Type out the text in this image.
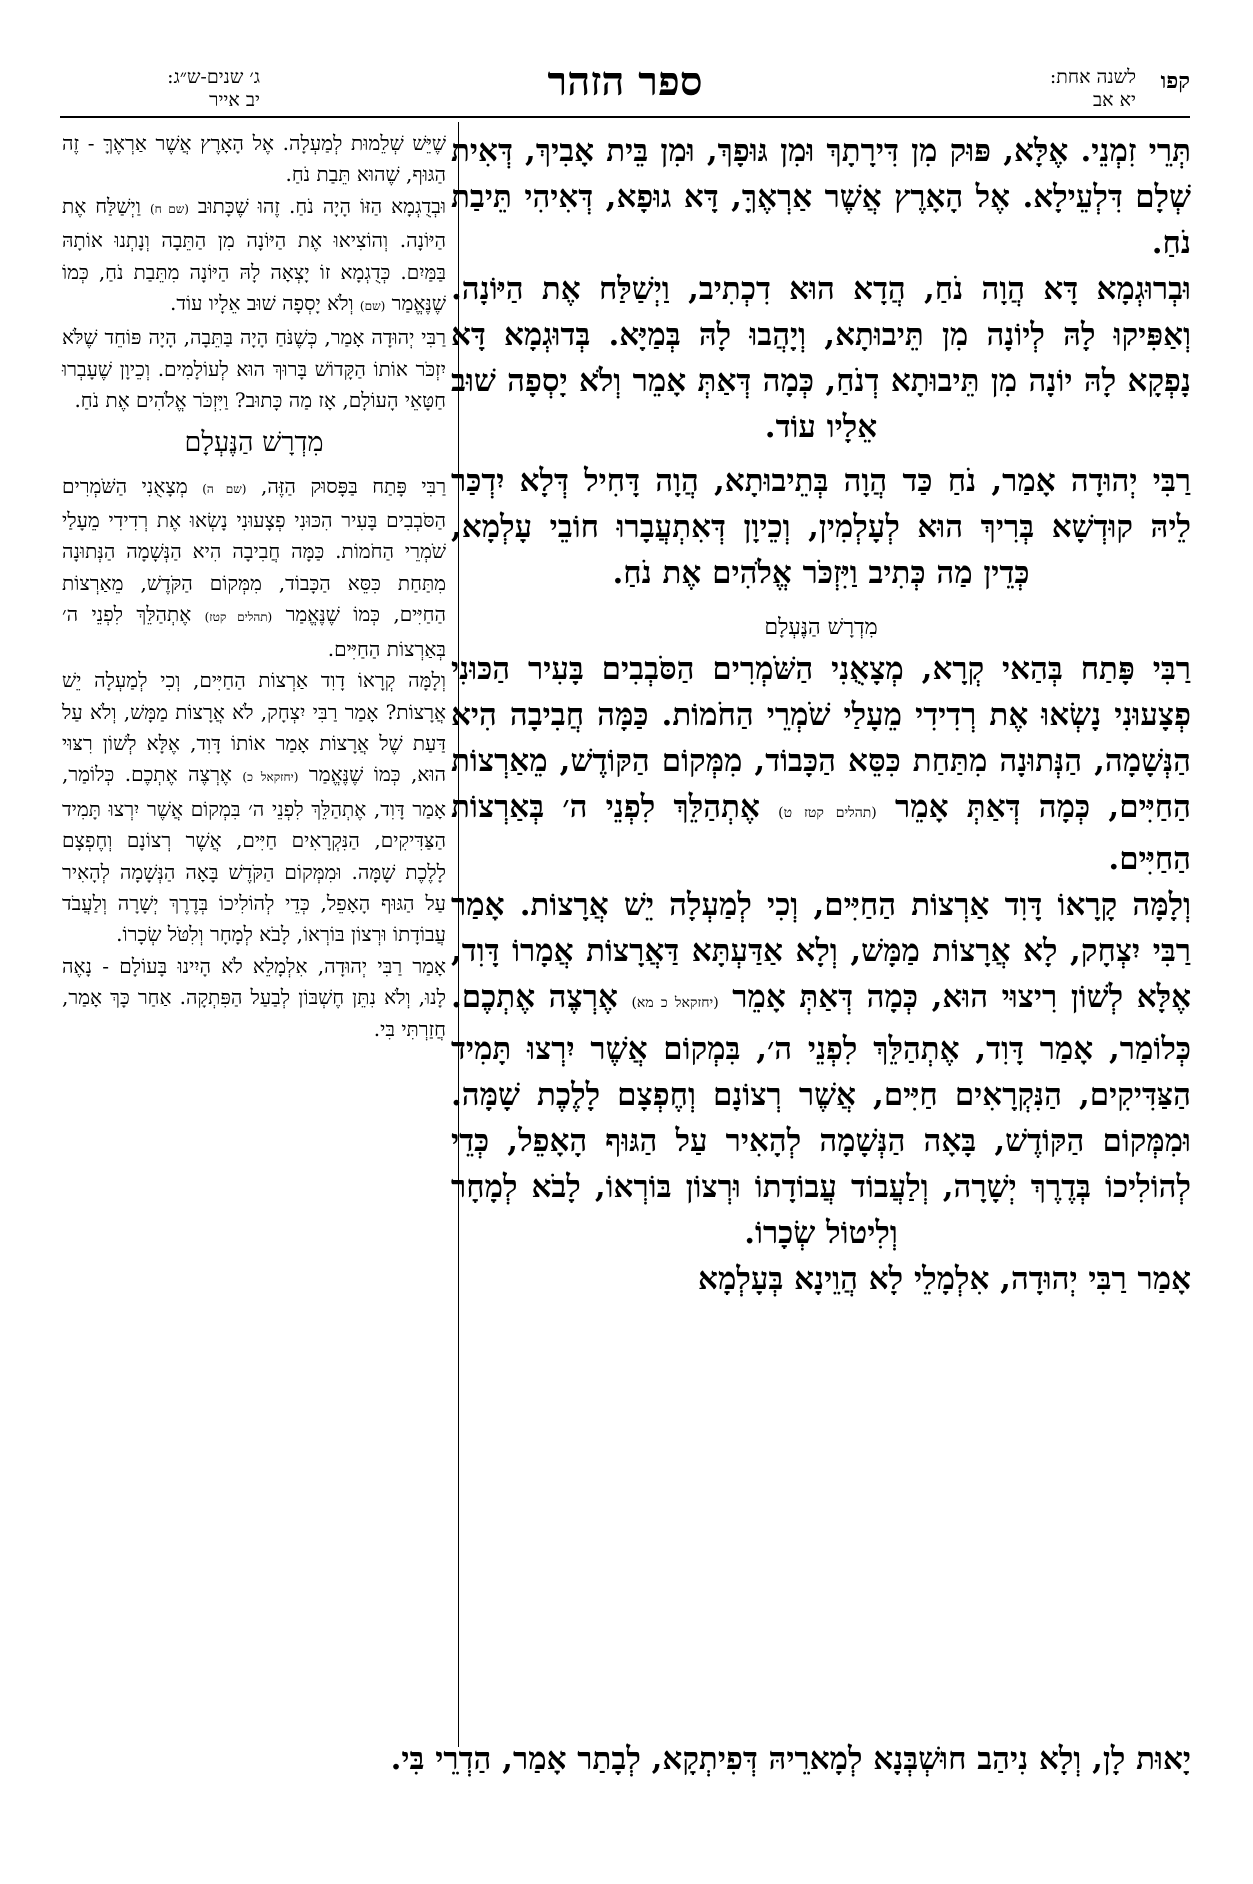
קפו
לשנה אחת:
יא אב
ספר הזהר
ג׳ שנים-ש״ג:
יב אייר

תְּרֵי זִמְנֵי. אֶלָּא, פּוּק מִן דִּירָתָךְ וּמִן גּוּפָךְ, וּמִן בֵּית אָבִיךְ, דְּאִית שְׁלָם דִּלְעֵילָא. אֶל הָאָרֶץ אֲשֶׁר אַרְאֶךָּ, דָּא גוּפָא, דְּאִיהִי תֵּיבַת נֹחַ.

וּבְרוּגְמָא דָּא הֲוָה נֹחַ, הֲדָא הוּא דִכְתִיב, וַיְשַׁלַּח אֶת הַיּוֹנָה. וְאַפִּיקוּ לָהּ לְיוֹנָה מִן תֵּיבוּתָא, וְיָהֲבוּ לָהּ בְּמַיָּא. בְּדוּגְמָא דָּא נָפְקָא לָהּ יוֹנָה מִן תֵּיבוּתָא דְנֹחַ, כְּמָה דְּאַתְּ אָמֵר וְלֹא יָסְפָה שׁוּב אֵלָיו עוֹד.

רַבִּי יְהוּדָה אָמַר, נֹחַ כַּד הֲוָה בְּתֵיבוּתָא, הֲוָה דָּחִיל דְּלָא יִדְכַּר לֵיהּ קוּדְשָׁא בְּרִיךְ הוּא לְעָלְמִין, וְכֵיוָן דְּאִתְעֲבָרוּ חוֹבֵי עָלְמָא, כְּדֵין מַה כְּתִיב וַיִּזְכֹּר אֱלֹהִים אֶת נֹחַ.

מִדְרָשׁ הַנֶּעְלָם

רַבִּי פָּתַח בְּהַאי קְרָא, מְצָאֻנִי הַשֹּׁמְרִים הַסֹּבְבִים בָּעִיר הַכּוּנִי פְצָעוּנִי נָשְׂאוּ אֶת רְדִידִי מֵעָלַי שֹׁמְרֵי הַחֹמוֹת. כַּמָּה חֲבִיבָה הִיא הַנְּשָׁמָה, הַנְּתוּנָה מִתַּחַת כִּסֵּא הַכָּבוֹד, מִמְּקוֹם הַקּוֹדֶשׁ, מֵאַרְצוֹת הַחַיִּים, כְּמָה דְּאַתְּ אָמֵר (תהלים קטז ט) אֶתְהַלֵּךְ לִפְנֵי ה׳ בְּאַרְצוֹת הַחַיִּים.

וְלָמָּה קָרָאוֹ דָּוִד אַרְצוֹת הַחַיִּים, וְכִי לְמַעְלָה יֵשׁ אֲרָצוֹת. אָמַר רַבִּי יִצְחָק, לָא אֲרָצוֹת מַמָּשׁ, וְלָא אַדַּעְתָּא דַּאֲרָצוֹת אֲמָרוֹ דָּוִד, אֶלָּא לְשׁוֹן רִיצוּי הוּא, כְּמָה דְּאַתְּ אָמֵר (יחזקאל כ מא) אֶרְצֶה אֶתְכֶם. כְּלוֹמַר, אָמַר דָּוִד, אֶתְהַלֵּךְ לִפְנֵי ה׳, בִּמְקוֹם אֲשֶׁר יִרְצוּ תָּמִיד הַצַּדִּיקִים, הַנִּקְרָאִים חַיִּים, אֲשֶׁר רְצוֹנָם וְחֶפְצָם לָלֶכֶת שָׁמָּה. וּמִמְּקוֹם הַקּוֹדֶשׁ, בָּאָה הַנְּשָׁמָה לְהָאִיר עַל הַגּוּף הָאָפֵל, כְּדֵי לְהוֹלִיכוֹ בְּדֶרֶךְ יְשָׁרָה, וְלַעֲבוֹד עֲבוֹדָתוֹ וּרְצוֹן בּוֹרְאוֹ, לָבֹא לְמָחָר וְלִיטוֹל שְׂכָרוֹ.

אָמַר רַבִּי יְהוּדָה, אִלְמָלֵי לָא הֲוֵינָא בְּעָלְמָא

שֶׁיֵּשׁ שְׁלֵמוּת לְמַעְלָה. אֶל הָאָרֶץ אֲשֶׁר אַרְאֶךָּ - זֶה הַגּוּף, שֶׁהוּא תֵּבַת נֹחַ.

וּבְדֻגְמָא הַזּוֹ הָיָה נֹחַ. זֶהוּ שֶׁכָּתוּב (שם ח) וַיְשַׁלַּח אֶת הַיּוֹנָה. וְהוֹצִיאוּ אֶת הַיּוֹנָה מִן הַתֵּבָה וְנָתְנוּ אוֹתָהּ בַּמַּיִם. כְּדֻגְמָא זוֹ יָצְאָה לָהּ הַיּוֹנָה מִתֵּבַת נֹחַ, כְּמוֹ שֶׁנֶּאֱמַר (שם) וְלֹא יָסְפָה שׁוּב אֵלָיו עוֹד.

רַבִּי יְהוּדָה אָמַר, כְּשֶׁנֹּחַ הָיָה בַּתֵּבָה, הָיָה פּוֹחֵד שֶׁלֹּא יִזְכֹּר אוֹתוֹ הַקָּדוֹשׁ בָּרוּךְ הוּא לְעוֹלָמִים. וְכֵיוָן שֶׁעָבְרוּ חַטָּאֵי הָעוֹלָם, אָז מַה כָּתוּב? וַיִּזְכֹּר אֱלֹהִים אֶת נֹחַ.

מִדְרָשׁ הַנֶּעְלָם

רַבִּי פָּתַח בַּפָּסוּק הַזֶּה, (שם ה) מְצָאֻנִי הַשֹּׁמְרִים הַסֹּבְבִים בָּעִיר הִכּוּנִי פְצָעוּנִי נָשְׂאוּ אֶת רְדִידִי מֵעָלַי שֹׁמְרֵי הַחֹמוֹת. כַּמָּה חֲבִיבָה הִיא הַנְּשָׁמָה הַנְּתוּנָה מִתַּחַת כִּסֵּא הַכָּבוֹד, מִמְּקוֹם הַקֹּדֶשׁ, מֵאַרְצוֹת הַחַיִּים, כְּמוֹ שֶׁנֶּאֱמַר (תהלים קטז) אֶתְהַלֵּךְ לִפְנֵי ה׳ בְּאַרְצוֹת הַחַיִּים.

וְלָמָּה קְרָאוֹ דָוִד אַרְצוֹת הַחַיִּים, וְכִי לְמַעְלָה יֵשׁ אֲרָצוֹת? אָמַר רַבִּי יִצְחָק, לֹא אֲרָצוֹת מַמָּשׁ, וְלֹא עַל דַּעַת שֶׁל אֲרָצוֹת אָמַר אוֹתוֹ דָּוִד, אֶלָּא לְשׁוֹן רִצּוּי הוּא, כְּמוֹ שֶׁנֶּאֱמַר (יחזקאל כ) אֶרְצֶה אֶתְכֶם. כְּלוֹמַר, אָמַר דָּוִד, אֶתְהַלֵּךְ לִפְנֵי ה׳ בִּמְקוֹם אֲשֶׁר יִרְצוּ תָּמִיד הַצַּדִּיקִים, הַנִּקְרָאִים חַיִּים, אֲשֶׁר רְצוֹנָם וְחֶפְצָם לָלֶכֶת שָׁמָּה. וּמִמְּקוֹם הַקֹּדֶשׁ בָּאָה הַנְּשָׁמָה לְהָאִיר עַל הַגּוּף הָאָפֵל, כְּדֵי לְהוֹלִיכוֹ בְּדֶרֶךְ יְשָׁרָה וְלַעֲבֹד עֲבוֹדָתוֹ וּרְצוֹן בּוֹרְאוֹ, לָבֹא לְמָחָר וְלִטֹּל שְׂכָרוֹ.

אָמַר רַבִּי יְהוּדָה, אִלְמָלֵא לֹא הָיִינוּ בָּעוֹלָם - נָאֶה לָנוּ, וְלֹא נִתֵּן חֶשְׁבּוֹן לְבַעַל הַפִּתְקָה. אַחַר כָּךְ אָמַר, חֲזַרְתִּי בִּי.

יָאוּת לָן, וְלָא נִיהַב חוּשְׁבְּנָא לְמָארֵיהּ דְּפִיתְקָא, לְבָתַר אָמַר, הַדְרֵי בִּי.
